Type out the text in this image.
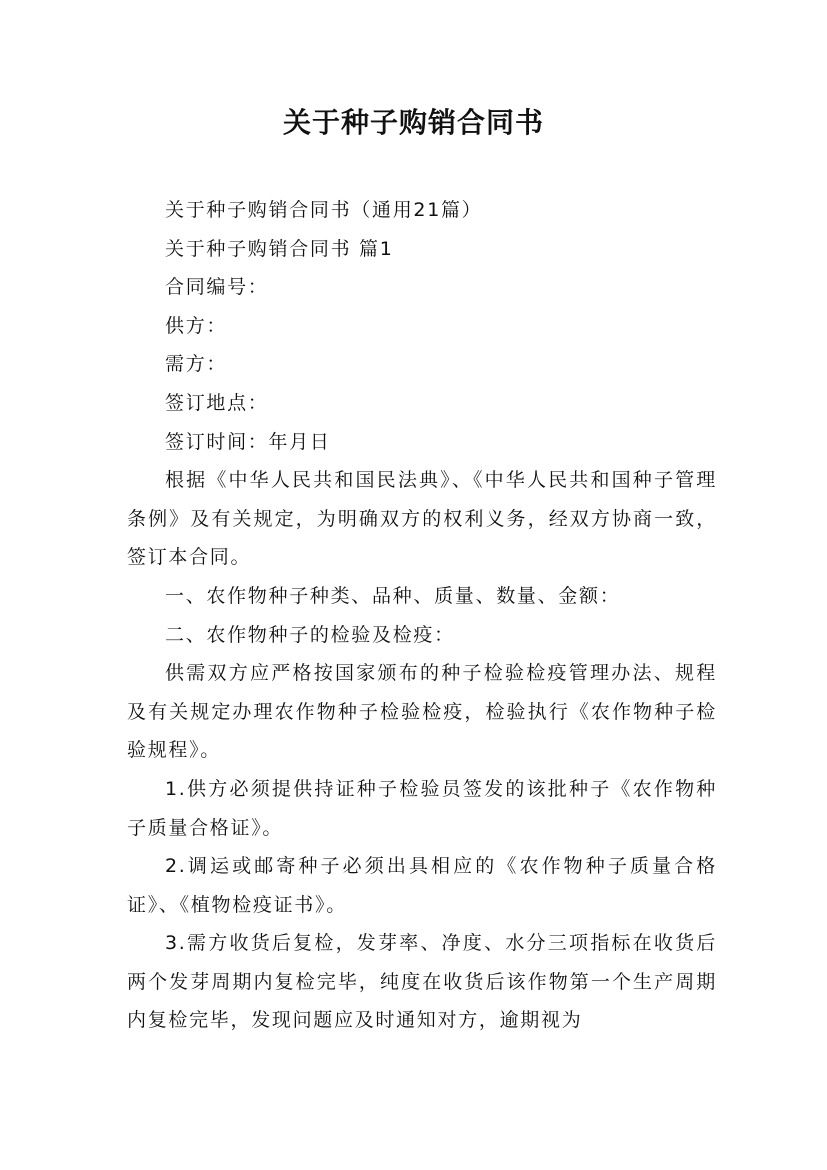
关于种子购销合同书

关于种子购销合同书（通用21篇）

关于种子购销合同书 篇1

合同编号：

供方：

需方：

签订地点：

签订时间：年月日

根据《中华人民共和国民法典》、《中华人民共和国种子管理条例》及有关规定，为明确双方的权利义务，经双方协商一致，签订本合同。

一、农作物种子种类、品种、质量、数量、金额：

二、农作物种子的检验及检疫：

供需双方应严格按国家颁布的种子检验检疫管理办法、规程及有关规定办理农作物种子检验检疫，检验执行《农作物种子检验规程》。

1.供方必须提供持证种子检验员签发的该批种子《农作物种子质量合格证》。

2.调运或邮寄种子必须出具相应的《农作物种子质量合格证》、《植物检疫证书》。

3.需方收货后复检，发芽率、净度、水分三项指标在收货后两个发芽周期内复检完毕，纯度在收货后该作物第一个生产周期内复检完毕，发现问题应及时通知对方，逾期视为
